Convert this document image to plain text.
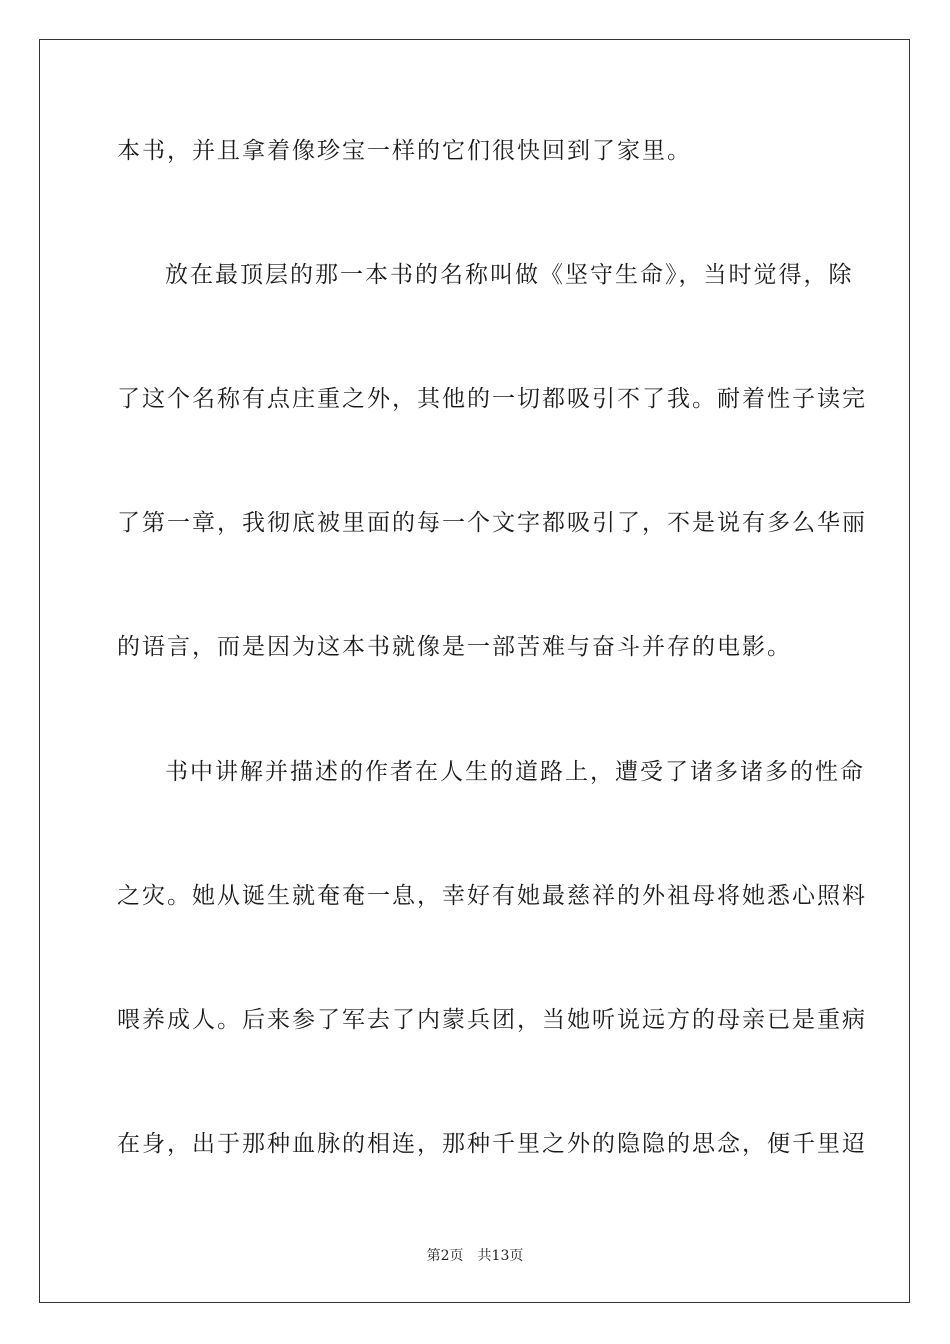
本书，并且拿着像珍宝一样的它们很快回到了家里。
放在最顶层的那一本书的名称叫做《坚守生命》，当时觉得，除
了这个名称有点庄重之外，其他的一切都吸引不了我。耐着性子读完
了第一章，我彻底被里面的每一个文字都吸引了，不是说有多么华丽
的语言，而是因为这本书就像是一部苦难与奋斗并存的电影。
书中讲解并描述的作者在人生的道路上，遭受了诸多诸多的性命
之灾。她从诞生就奄奄一息，幸好有她最慈祥的外祖母将她悉心照料
喂养成人。后来参了军去了内蒙兵团，当她听说远方的母亲已是重病
在身，出于那种血脉的相连，那种千里之外的隐隐的思念，便千里迢
第2页 共13页
